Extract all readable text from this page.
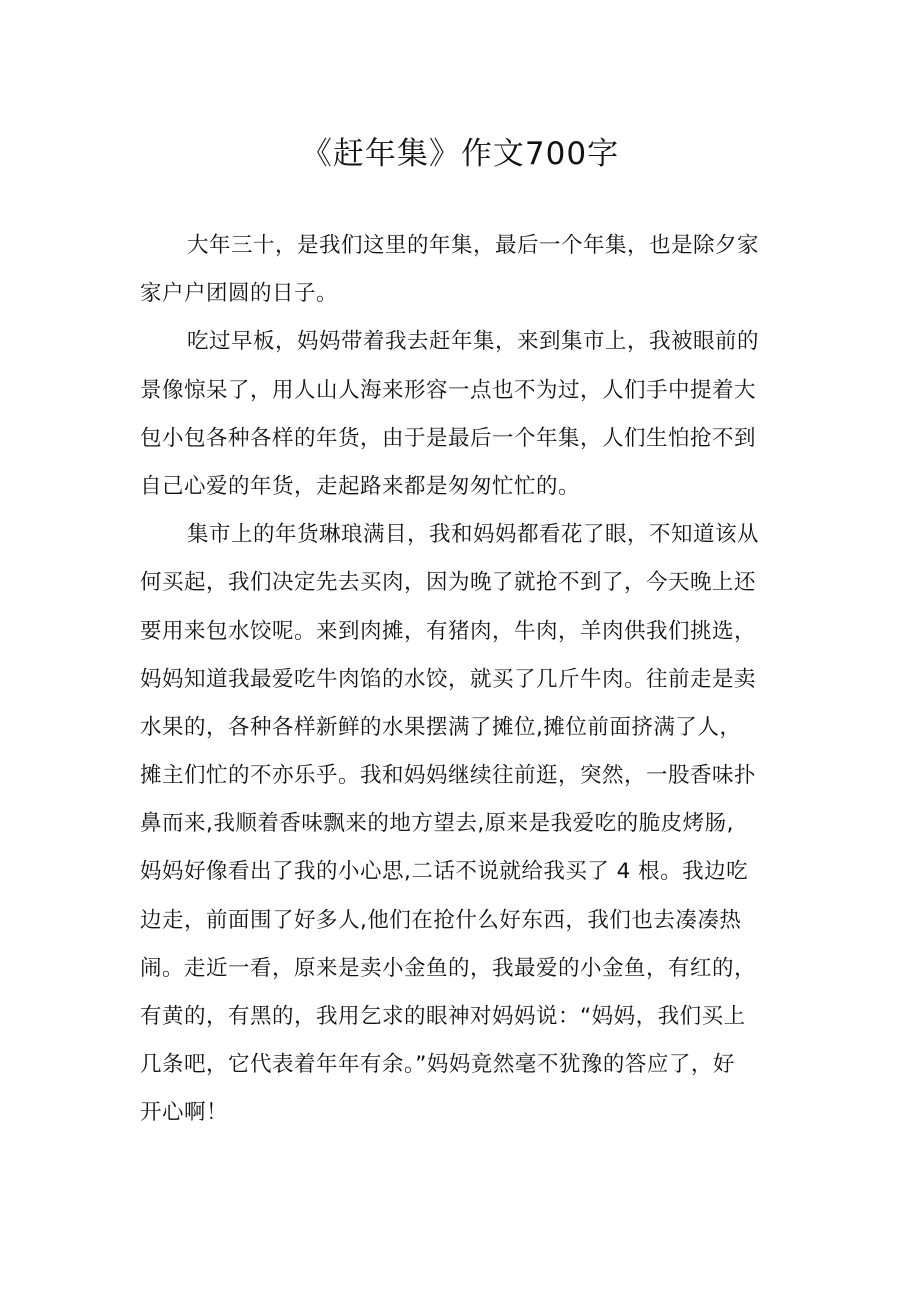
《赶年集》作文700字
大年三十，是我们这里的年集，最后一个年集，也是除夕家
家户户团圆的日子。
吃过早板，妈妈带着我去赶年集，来到集市上，我被眼前的
景像惊呆了，用人山人海来形容一点也不为过，人们手中提着大
包小包各种各样的年货，由于是最后一个年集，人们生怕抢不到
自己心爱的年货，走起路来都是匆匆忙忙的。
集市上的年货琳琅满目，我和妈妈都看花了眼，不知道该从
何买起，我们决定先去买肉，因为晚了就抢不到了，今天晚上还
要用来包水饺呢。来到肉摊，有猪肉，牛肉，羊肉供我们挑选，
妈妈知道我最爱吃牛肉馅的水饺，就买了几斤牛肉。往前走是卖
水果的，各种各样新鲜的水果摆满了摊位,摊位前面挤满了人，
摊主们忙的不亦乐乎。我和妈妈继续往前逛，突然，一股香味扑
鼻而来,我顺着香味飘来的地方望去,原来是我爱吃的脆皮烤肠,
妈妈好像看出了我的小心思,二话不说就给我买了 4 根。我边吃
边走，前面围了好多人,他们在抢什么好东西，我们也去凑凑热
闹。走近一看，原来是卖小金鱼的，我最爱的小金鱼，有红的，
有黄的，有黑的，我用乞求的眼神对妈妈说：“妈妈，我们买上
几条吧，它代表着年年有余。”妈妈竟然毫不犹豫的答应了，好
开心啊！
